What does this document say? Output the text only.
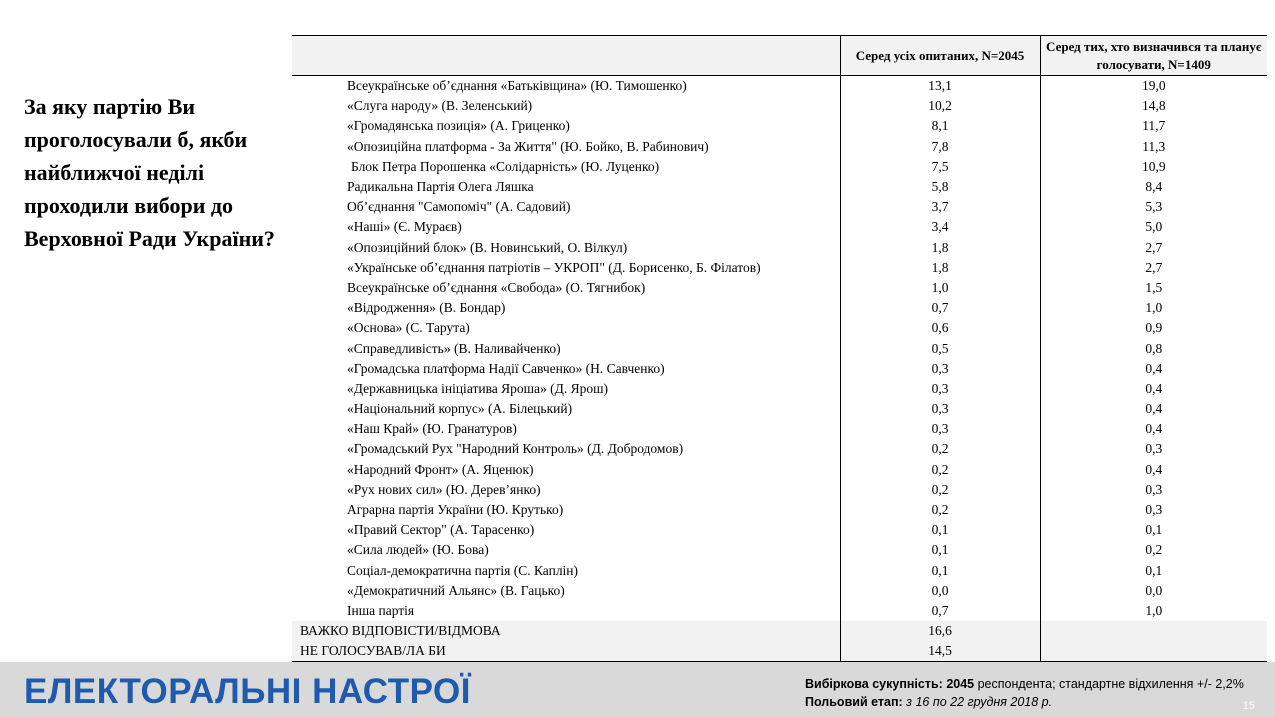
За яку партію Ви проголосували б, якби найближчої неділі проходили вибори до Верховної Ради України?

	Серед усіх опитаних, N=2045	Серед тих, хто визначився та планує голосувати, N=1409
Всеукраїнське об’єднання «Батьківщина» (Ю. Тимошенко)	13,1	19,0
«Слуга народу» (В. Зеленський)	10,2	14,8
«Громадянська позиція» (А. Гриценко)	8,1	11,7
«Опозиційна платформа - За Життя" (Ю. Бойко, В. Рабинович)	7,8	11,3
Блок Петра Порошенка «Солідарність» (Ю. Луценко)	7,5	10,9
Радикальна Партія Олега Ляшка	5,8	8,4
Об’єднання "Самопоміч" (А. Садовий)	3,7	5,3
«Наші» (Є. Мураєв)	3,4	5,0
«Опозиційний блок» (В. Новинський, О. Вілкул)	1,8	2,7
«Українське об’єднання патріотів – УКРОП" (Д. Борисенко, Б. Філатов)	1,8	2,7
Всеукраїнське об’єднання «Свобода» (О. Тягнибок)	1,0	1,5
«Відродження» (В. Бондар)	0,7	1,0
«Основа» (С. Тарута)	0,6	0,9
«Справедливість» (В. Наливайченко)	0,5	0,8
«Громадська платформа Надії Савченко» (Н. Савченко)	0,3	0,4
«Державницька ініціатива Яроша» (Д. Ярош)	0,3	0,4
«Національний корпус» (А. Білецький)	0,3	0,4
«Наш Край» (Ю. Гранатуров)	0,3	0,4
«Громадський Рух "Народний Контроль» (Д. Добродомов)	0,2	0,3
«Народний Фронт» (А. Яценюк)	0,2	0,4
«Рух нових сил» (Ю. Дерев’янко)	0,2	0,3
Аграрна партія України (Ю. Крутько)	0,2	0,3
«Правий Сектор" (А. Тарасенко)	0,1	0,1
«Сила людей» (Ю. Бова)	0,1	0,2
Соціал-демократична партія (С. Каплін)	0,1	0,1
«Демократичний Альянс» (В. Гацько)	0,0	0,0
Інша партія	0,7	1,0
ВАЖКО ВІДПОВІСТИ/ВІДМОВА	16,6	
НЕ ГОЛОСУВАВ/ЛА БИ	14,5	
ЕЛЕКТОРАЛЬНІ НАСТРОЇ	Вибіркова сукупність: 2045 респондента; стандартне відхилення +/- 2,2%
Польовий етап: з 16 по 22 грудня 2018 р.	15
